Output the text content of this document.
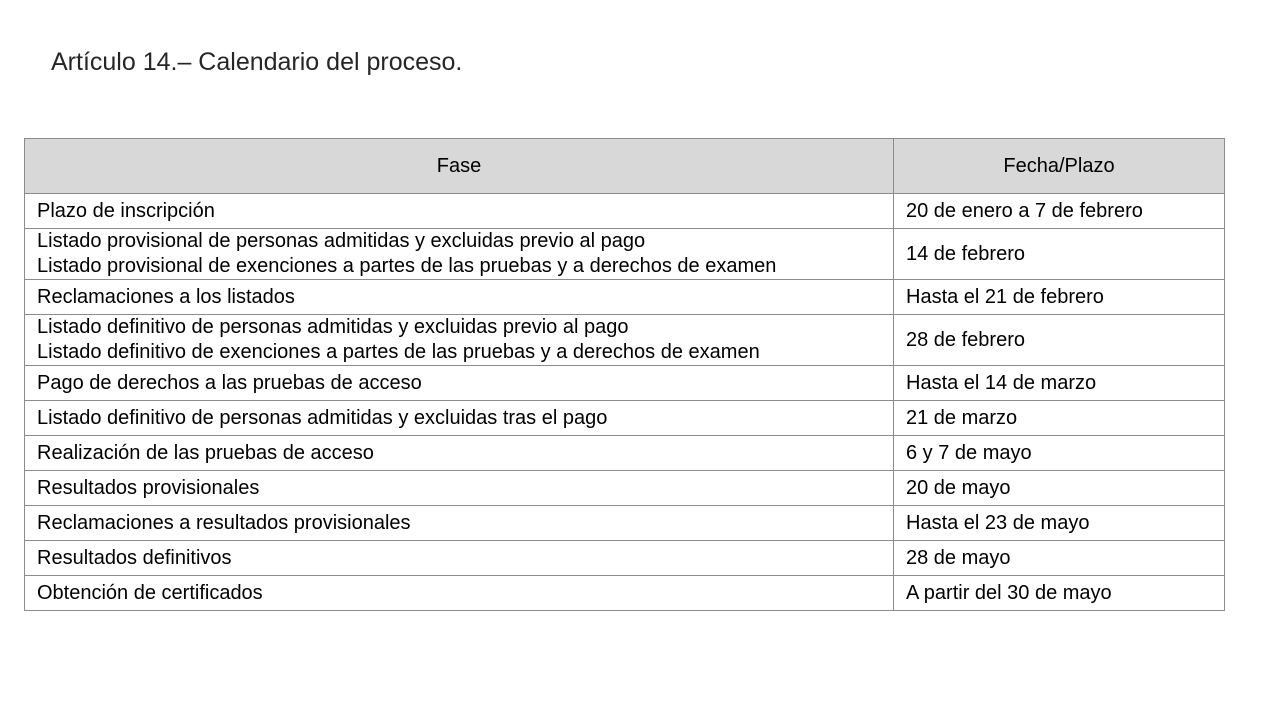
Artículo 14.– Calendario del proceso.
Fase	Fecha/Plazo

Plazo de inscripción	20 de enero a 7 de febrero

Listado provisional de personas admitidas y excluidas previo al pago
Listado provisional de exenciones a partes de las pruebas y a derechos de examen	14 de febrero

Reclamaciones a los listados	Hasta el 21 de febrero

Listado definitivo de personas admitidas y excluidas previo al pago
Listado definitivo de exenciones a partes de las pruebas y a derechos de examen	28 de febrero

Pago de derechos a las pruebas de acceso	Hasta el 14 de marzo

Listado definitivo de personas admitidas y excluidas tras el pago	21 de marzo

Realización de las pruebas de acceso	6 y 7 de mayo

Resultados provisionales	20 de mayo

Reclamaciones a resultados provisionales	Hasta el 23 de mayo

Resultados definitivos	28 de mayo

Obtención de certificados	A partir del 30 de mayo
